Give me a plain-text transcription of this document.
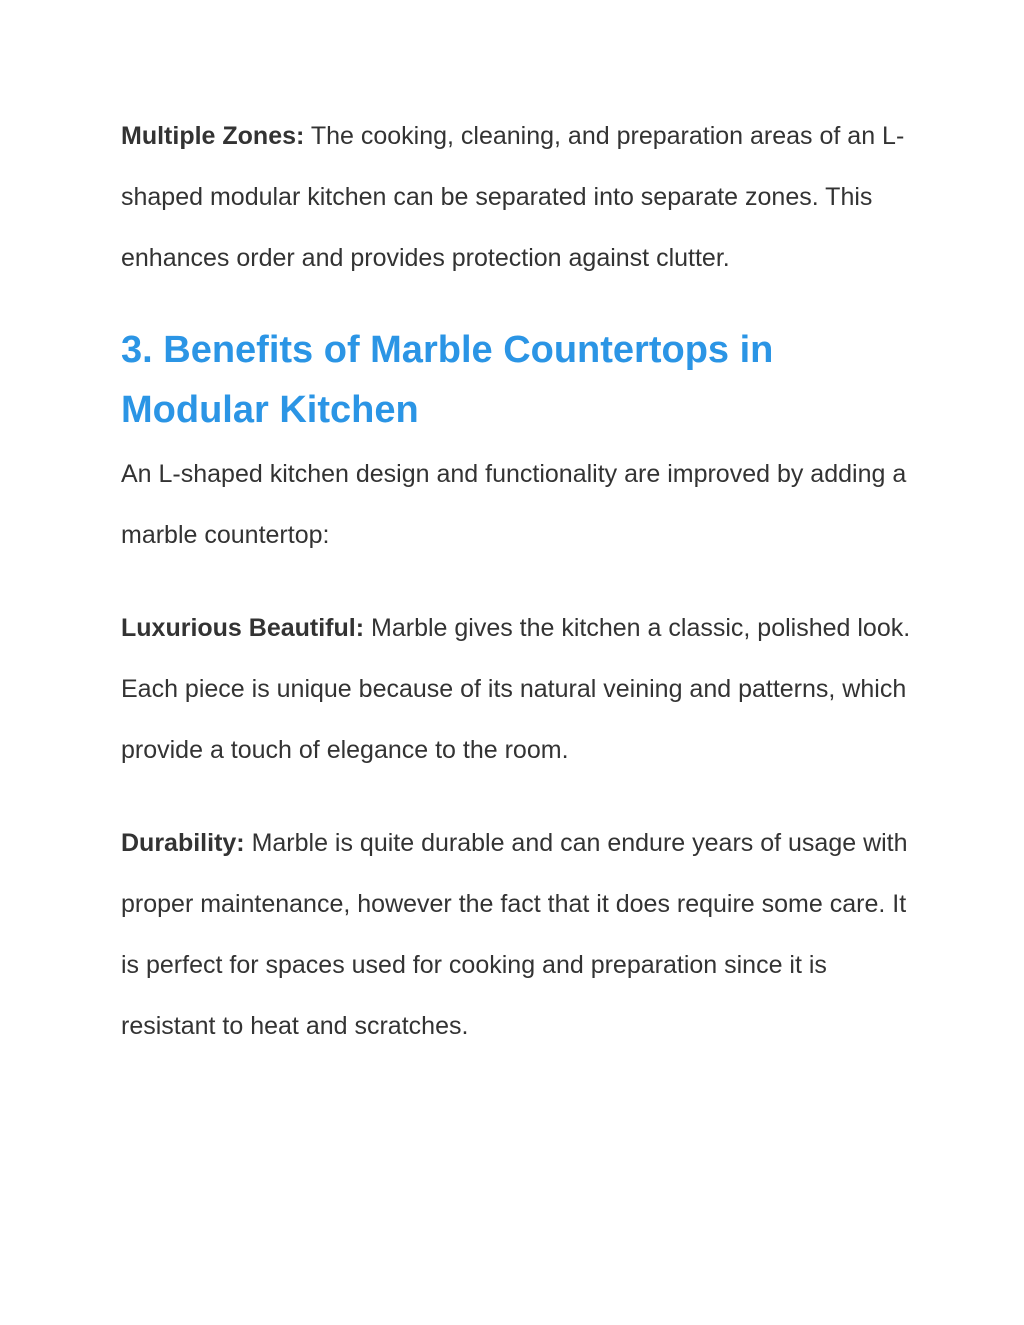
Multiple Zones: The cooking, cleaning, and preparation areas of an L-shaped modular kitchen can be separated into separate zones. This enhances order and provides protection against clutter.

3. Benefits of Marble Countertops in Modular Kitchen

An L-shaped kitchen design and functionality are improved by adding a marble countertop:

Luxurious Beautiful: Marble gives the kitchen a classic, polished look. Each piece is unique because of its natural veining and patterns, which provide a touch of elegance to the room.

Durability: Marble is quite durable and can endure years of usage with proper maintenance, however the fact that it does require some care. It is perfect for spaces used for cooking and preparation since it is resistant to heat and scratches.
